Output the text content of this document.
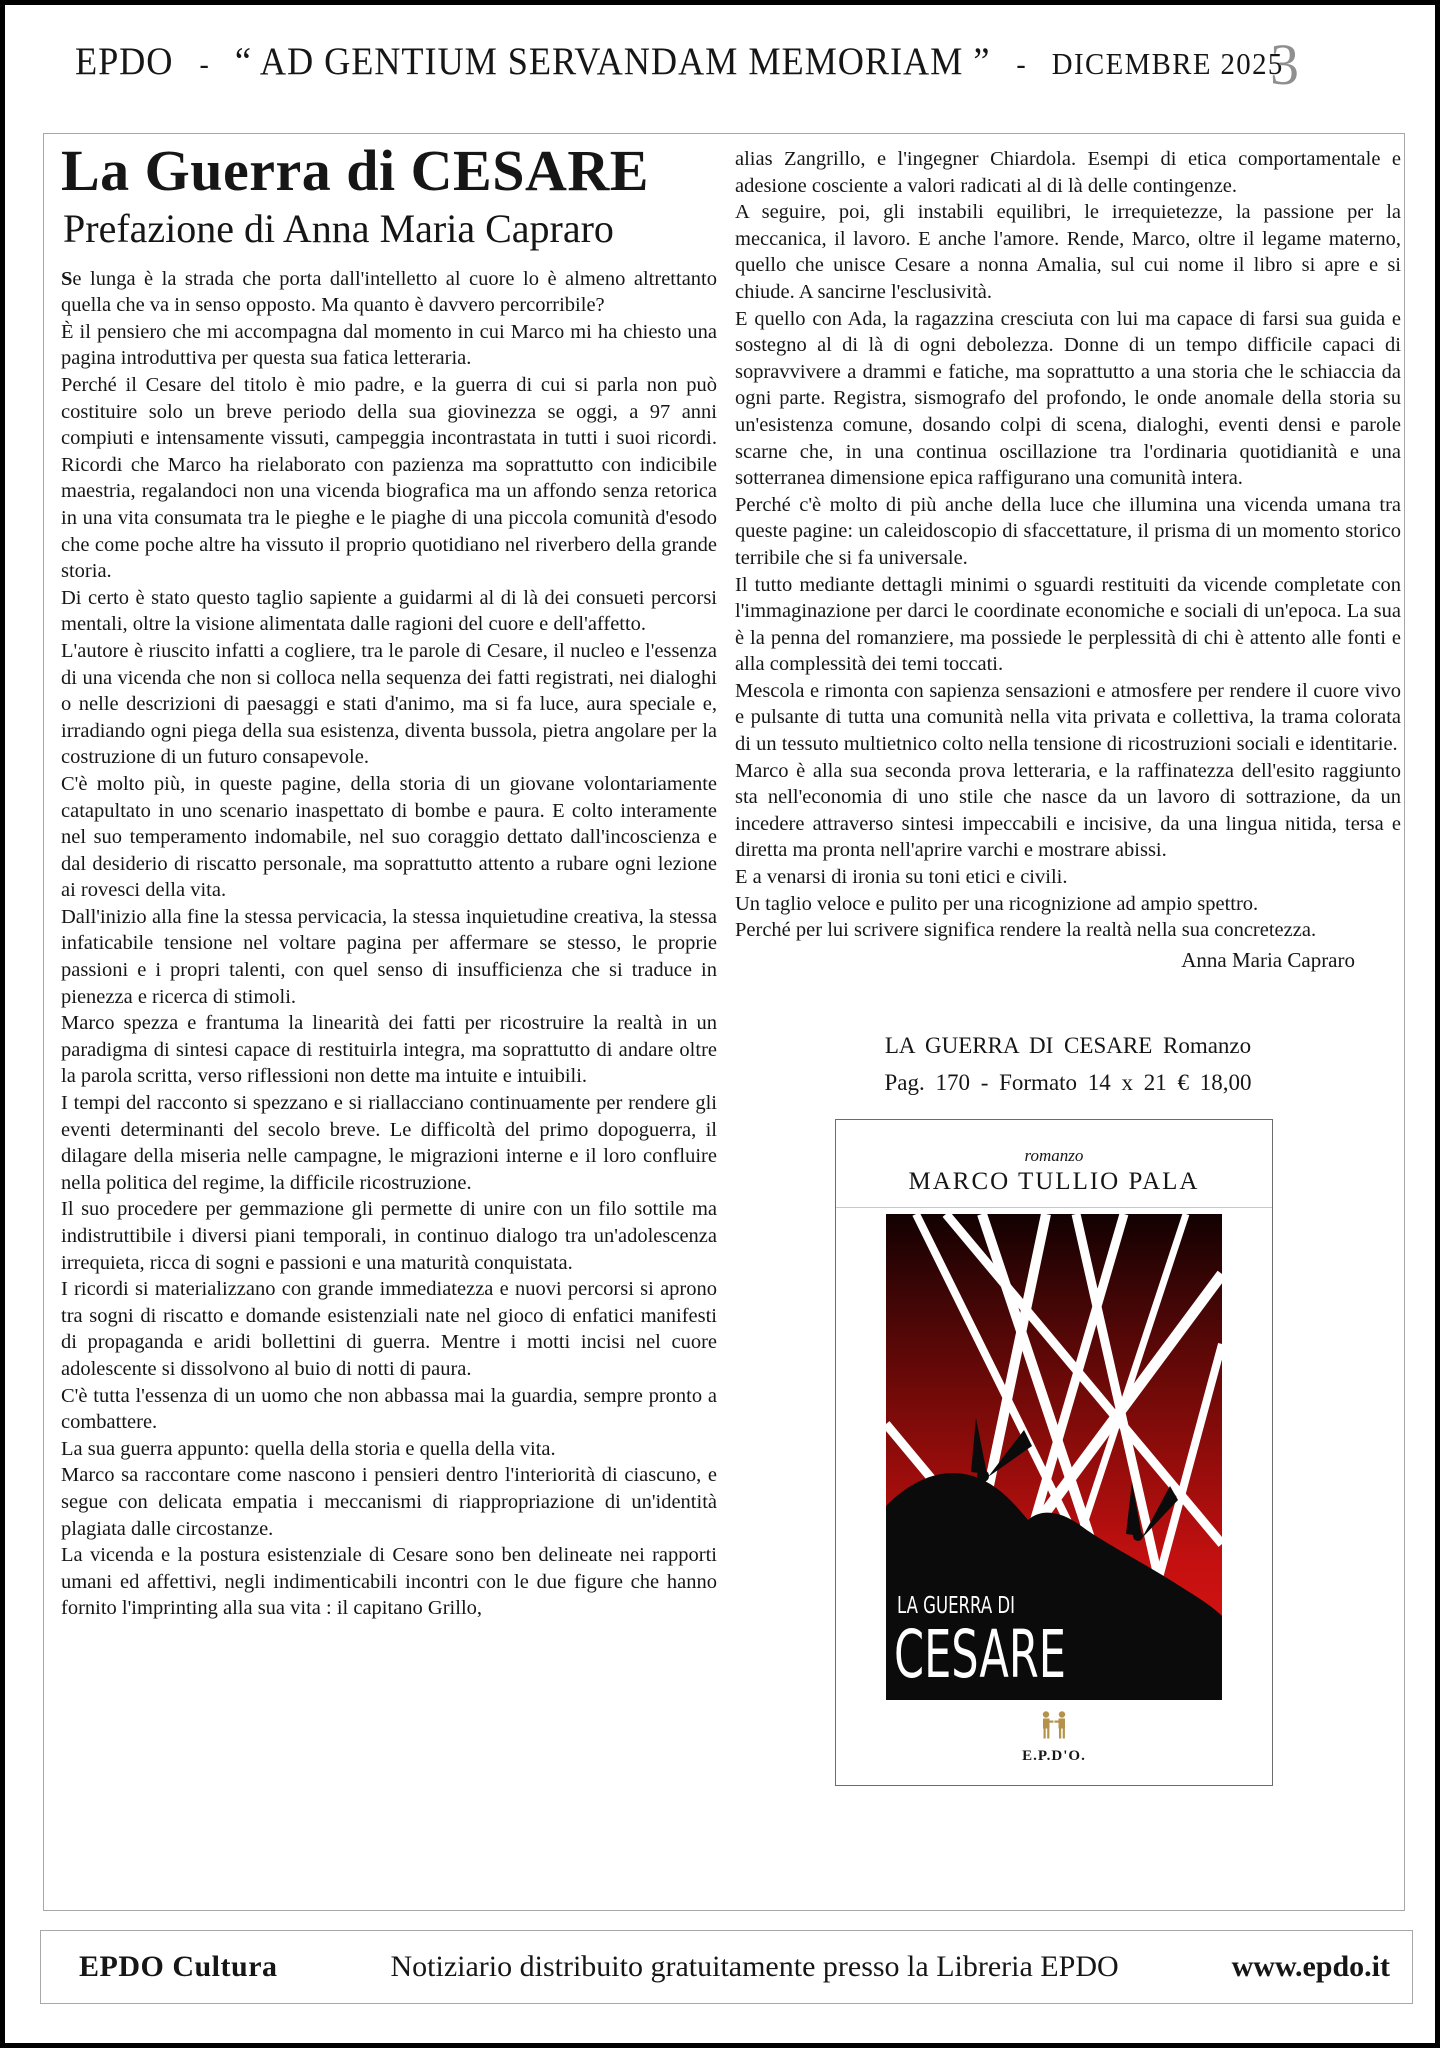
EPDO - “ AD GENTIUM SERVANDAM MEMORIAM ” - DICEMBRE 2025
3
La Guerra di CESARE
Prefazione di Anna Maria Capraro

Se lunga è la strada che porta dall'intelletto al cuore lo è almeno altrettanto quella che va in senso opposto. Ma quanto è davvero percorribile?

È il pensiero che mi accompagna dal momento in cui Marco mi ha chiesto una pagina introduttiva per questa sua fatica letteraria.

Perché il Cesare del titolo è mio padre, e la guerra di cui si parla non può costituire solo un breve periodo della sua giovinezza se oggi, a 97 anni compiuti e intensamente vissuti, campeggia incontrastata in tutti i suoi ricordi. Ricordi che Marco ha rielaborato con pazienza ma soprattutto con indicibile maestria, regalandoci non una vicenda biografica ma un affondo senza retorica in una vita consumata tra le pieghe e le piaghe di una piccola comunità d'esodo che come poche altre ha vissuto il proprio quotidiano nel riverbero della grande storia.

Di certo è stato questo taglio sapiente a guidarmi al di là dei consueti percorsi mentali, oltre la visione alimentata dalle ragioni del cuore e dell'affetto.

L'autore è riuscito infatti a cogliere, tra le parole di Cesare, il nucleo e l'essenza di una vicenda che non si colloca nella sequenza dei fatti registrati, nei dialoghi o nelle descrizioni di paesaggi e stati d'animo, ma si fa luce, aura speciale e, irradiando ogni piega della sua esistenza, diventa bussola, pietra angolare per la costruzione di un futuro consapevole.

C'è molto più, in queste pagine, della storia di un giovane volontariamente catapultato in uno scenario inaspettato di bombe e paura. E colto interamente nel suo temperamento indomabile, nel suo coraggio dettato dall'incoscienza e dal desiderio di riscatto personale, ma soprattutto attento a rubare ogni lezione ai rovesci della vita.

Dall'inizio alla fine la stessa pervicacia, la stessa inquietudine creativa, la stessa infaticabile tensione nel voltare pagina per affermare se stesso, le proprie passioni e i propri talenti, con quel senso di insufficienza che si traduce in pienezza e ricerca di stimoli.

Marco spezza e frantuma la linearità dei fatti per ricostruire la realtà in un paradigma di sintesi capace di restituirla integra, ma soprattutto di andare oltre la parola scritta, verso riflessioni non dette ma intuite e intuibili.

I tempi del racconto si spezzano e si riallacciano continuamente per rendere gli eventi determinanti del secolo breve. Le difficoltà del primo dopoguerra, il dilagare della miseria nelle campagne, le migrazioni interne e il loro confluire nella politica del regime, la difficile ricostruzione.

Il suo procedere per gemmazione gli permette di unire con un filo sottile ma indistruttibile i diversi piani temporali, in continuo dialogo tra un'adolescenza irrequieta, ricca di sogni e passioni e una maturità conquistata.

I ricordi si materializzano con grande immediatezza e nuovi percorsi si aprono tra sogni di riscatto e domande esistenziali nate nel gioco di enfatici manifesti di propaganda e aridi bollettini di guerra. Mentre i motti incisi nel cuore adolescente si dissolvono al buio di notti di paura.

C'è tutta l'essenza di un uomo che non abbassa mai la guardia, sempre pronto a combattere.

La sua guerra appunto: quella della storia e quella della vita.

Marco sa raccontare come nascono i pensieri dentro l'interiorità di ciascuno, e segue con delicata empatia i meccanismi di riappropriazione di un'identità plagiata dalle circostanze.

La vicenda e la postura esistenziale di Cesare sono ben delineate nei rapporti umani ed affettivi, negli indimenticabili incontri con le due figure che hanno fornito l'imprinting alla sua vita : il capitano Grillo,

alias Zangrillo, e l'ingegner Chiardola. Esempi di etica comportamentale e adesione cosciente a valori radicati al di là delle contingenze.

A seguire, poi, gli instabili equilibri, le irrequietezze, la passione per la meccanica, il lavoro. E anche l'amore. Rende, Marco, oltre il legame materno, quello che unisce Cesare a nonna Amalia, sul cui nome il libro si apre e si chiude. A sancirne l'esclusività.

E quello con Ada, la ragazzina cresciuta con lui ma capace di farsi sua guida e sostegno al di là di ogni debolezza. Donne di un tempo difficile capaci di sopravvivere a drammi e fatiche, ma soprattutto a una storia che le schiaccia da ogni parte. Registra, sismografo del profondo, le onde anomale della storia su un'esistenza comune, dosando colpi di scena, dialoghi, eventi densi e parole scarne che, in una continua oscillazione tra l'ordinaria quotidianità e una sotterranea dimensione epica raffigurano una comunità intera.

Perché c'è molto di più anche della luce che illumina una vicenda umana tra queste pagine: un caleidoscopio di sfaccettature, il prisma di un momento storico terribile che si fa universale.

Il tutto mediante dettagli minimi o sguardi restituiti da vicende completate con l'immaginazione per darci le coordinate economiche e sociali di un'epoca. La sua è la penna del romanziere, ma possiede le perplessità di chi è attento alle fonti e alla complessità dei temi toccati.

Mescola e rimonta con sapienza sensazioni e atmosfere per rendere il cuore vivo e pulsante di tutta una comunità nella vita privata e collettiva, la trama colorata di un tessuto multietnico colto nella tensione di ricostruzioni sociali e identitarie.

Marco è alla sua seconda prova letteraria, e la raffinatezza dell'esito raggiunto sta nell'economia di uno stile che nasce da un lavoro di sottrazione, da un incedere attraverso sintesi impeccabili e incisive, da una lingua nitida, tersa e diretta ma pronta nell'aprire varchi e mostrare abissi.

E a venarsi di ironia su toni etici e civili.

Un taglio veloce e pulito per una ricognizione ad ampio spettro.

Perché per lui scrivere significa rendere la realtà nella sua concretezza.

Anna Maria Capraro
LA GUERRA DI CESARE Romanzo
Pag. 170 - Formato 14 x 21 € 18,00
romanzo
MARCO TULLIO PALA
LA GUERRA DI
CESARE
E.P.D'O.
EPDO Cultura	Notiziario distribuito gratuitamente presso la Libreria EPDO	www.epdo.it
